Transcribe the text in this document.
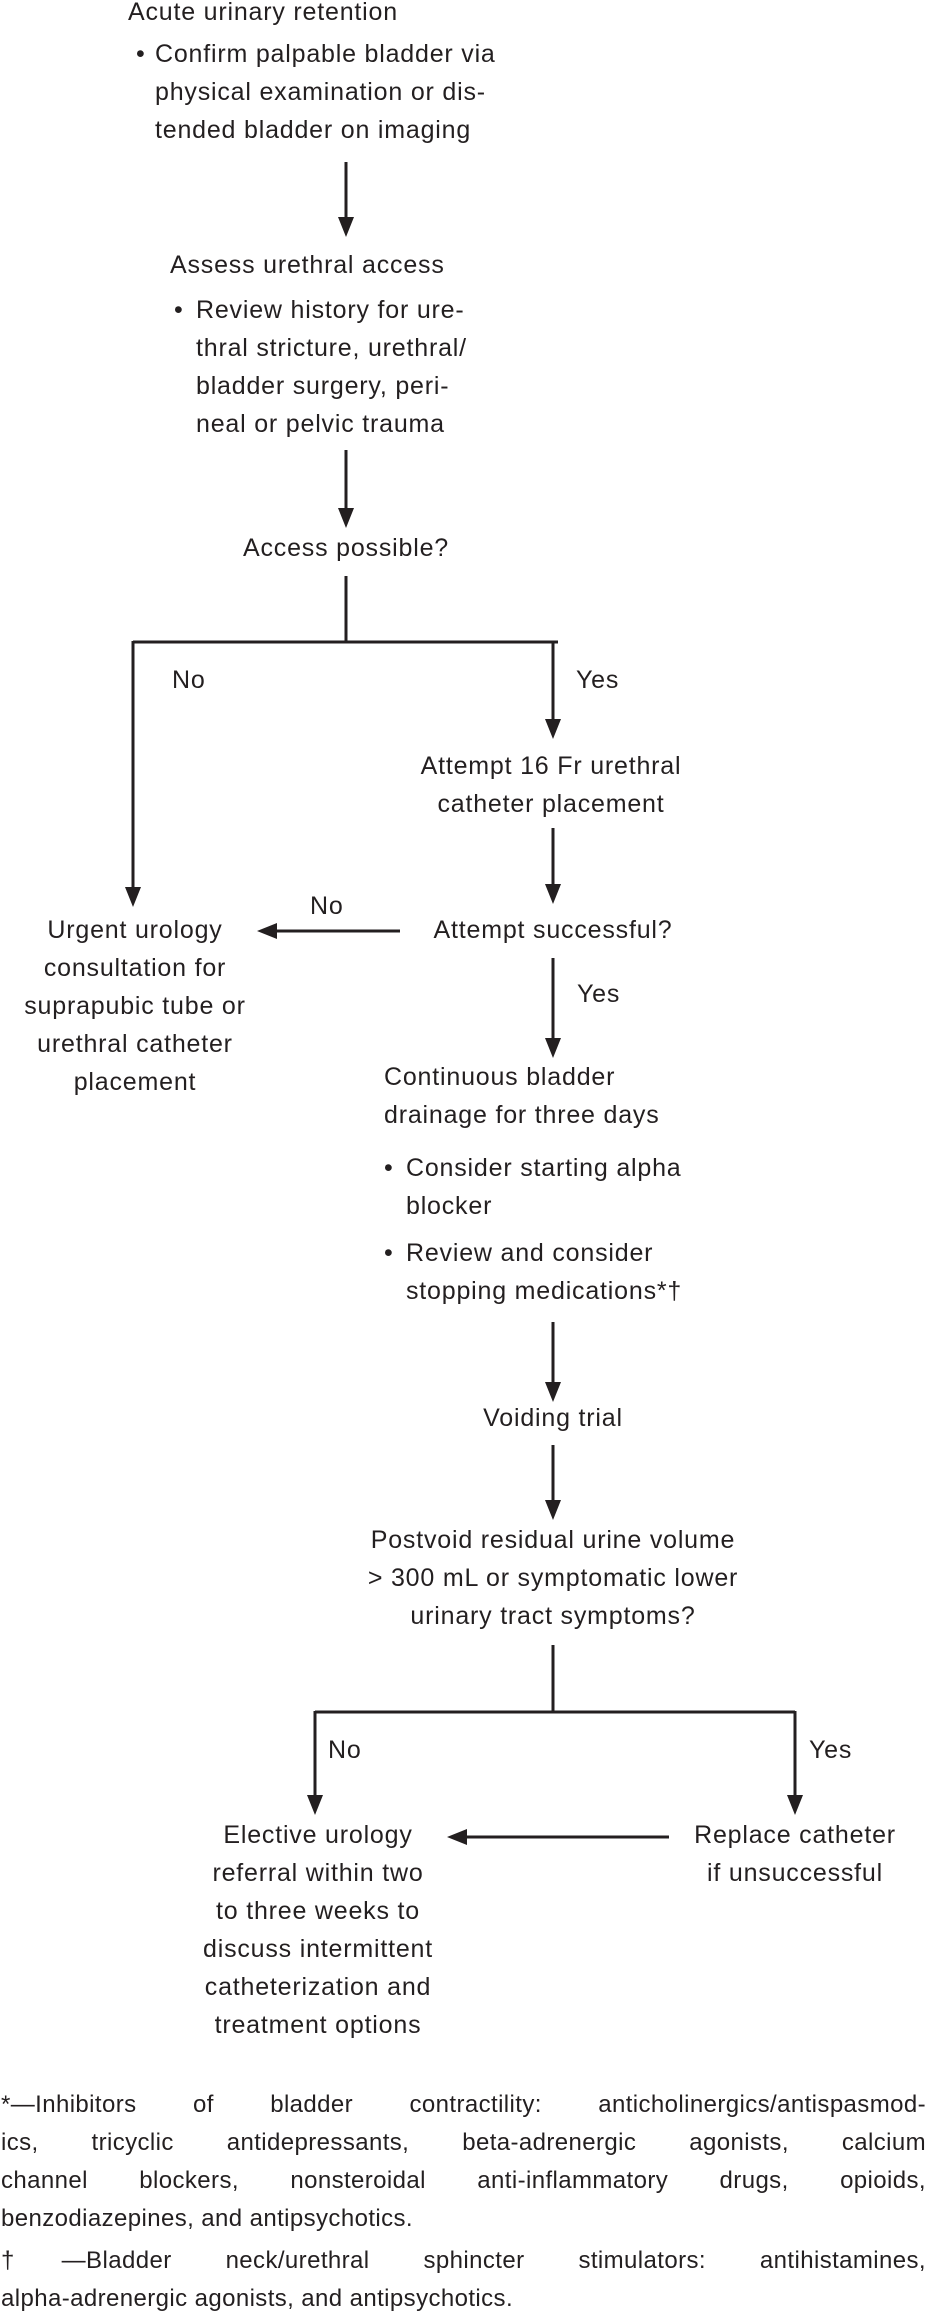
Acute urinary retention
• Confirm palpable bladder via
physical examination or dis-
tended bladder on imaging
Assess urethral access
• Review history for ure-
thral stricture, urethral/
bladder surgery, peri-
neal or pelvic trauma
Access possible?
No	Yes
Attempt 16 Fr urethral
catheter placement
Attempt successful?
No
Urgent urology
consultation for
suprapubic tube or
urethral catheter
placement
Yes
Continuous bladder
drainage for three days
• Consider starting alpha
blocker
• Review and consider
stopping medications*†
Voiding trial
Postvoid residual urine volume
> 300 mL or symptomatic lower
urinary tract symptoms?
No	Yes
Elective urology
referral within two
to three weeks to
discuss intermittent
catheterization and
treatment options
Replace catheter
if unsuccessful
*—Inhibitors of bladder contractility: anticholinergics/antispasmod-
ics, tricyclic antidepressants, beta-adrenergic agonists, calcium
channel blockers, nonsteroidal anti-inflammatory drugs, opioids,
benzodiazepines, and antipsychotics.
†—Bladder neck/urethral sphincter stimulators: antihistamines,
alpha-adrenergic agonists, and antipsychotics.
